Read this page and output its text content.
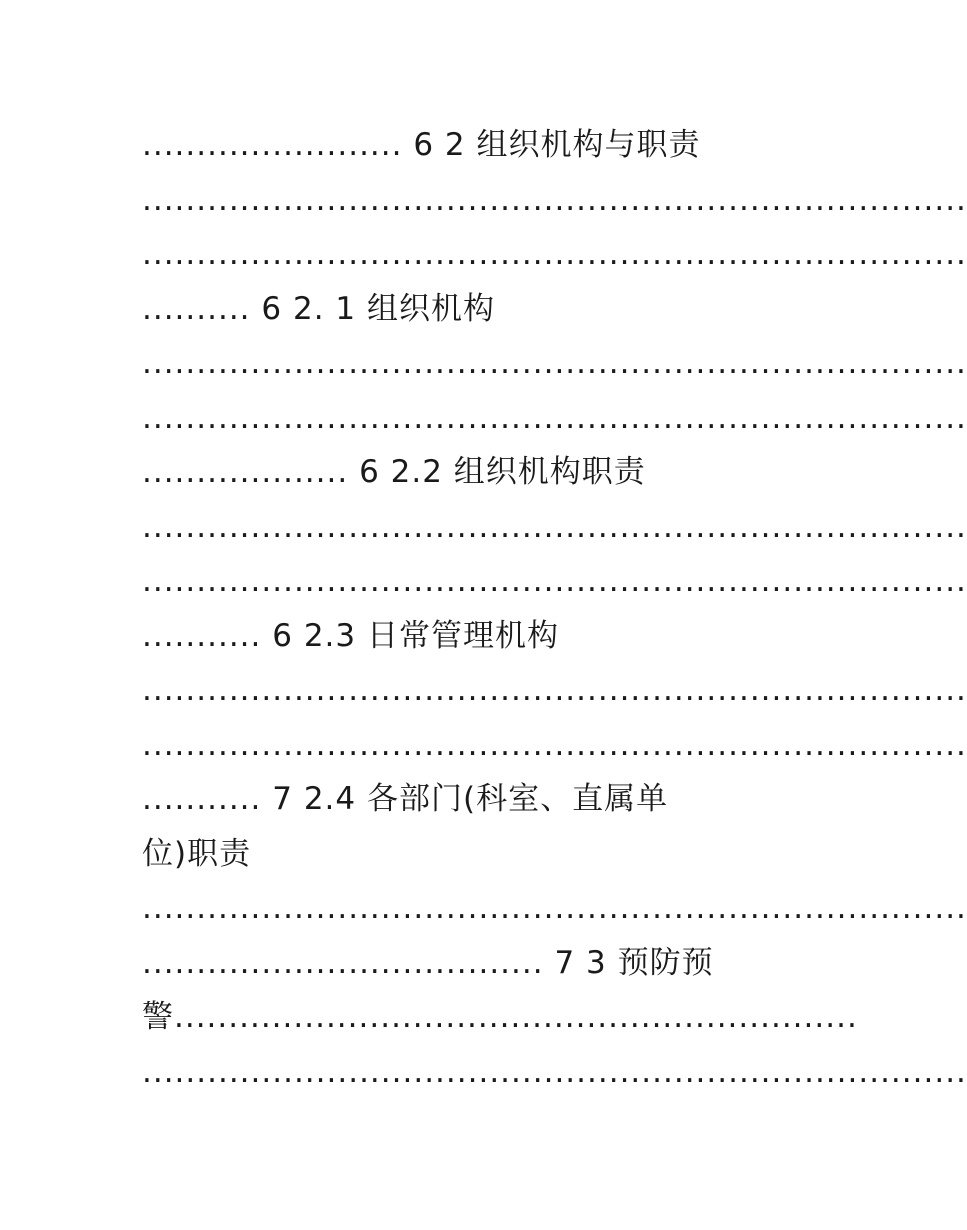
........................ 6 2 组织机构与职责
............................................................................
............................................................................
.......... 6 2. 1 组织机构
............................................................................
............................................................................
................... 6 2.2 组织机构职责
............................................................................
............................................................................
........... 6 2.3 日常管理机构
............................................................................
............................................................................
........... 7 2.4 各部门(科室、直属单
位)职责
............................................................................
..................................... 7 3 预防预
警...............................................................
............................................................................
